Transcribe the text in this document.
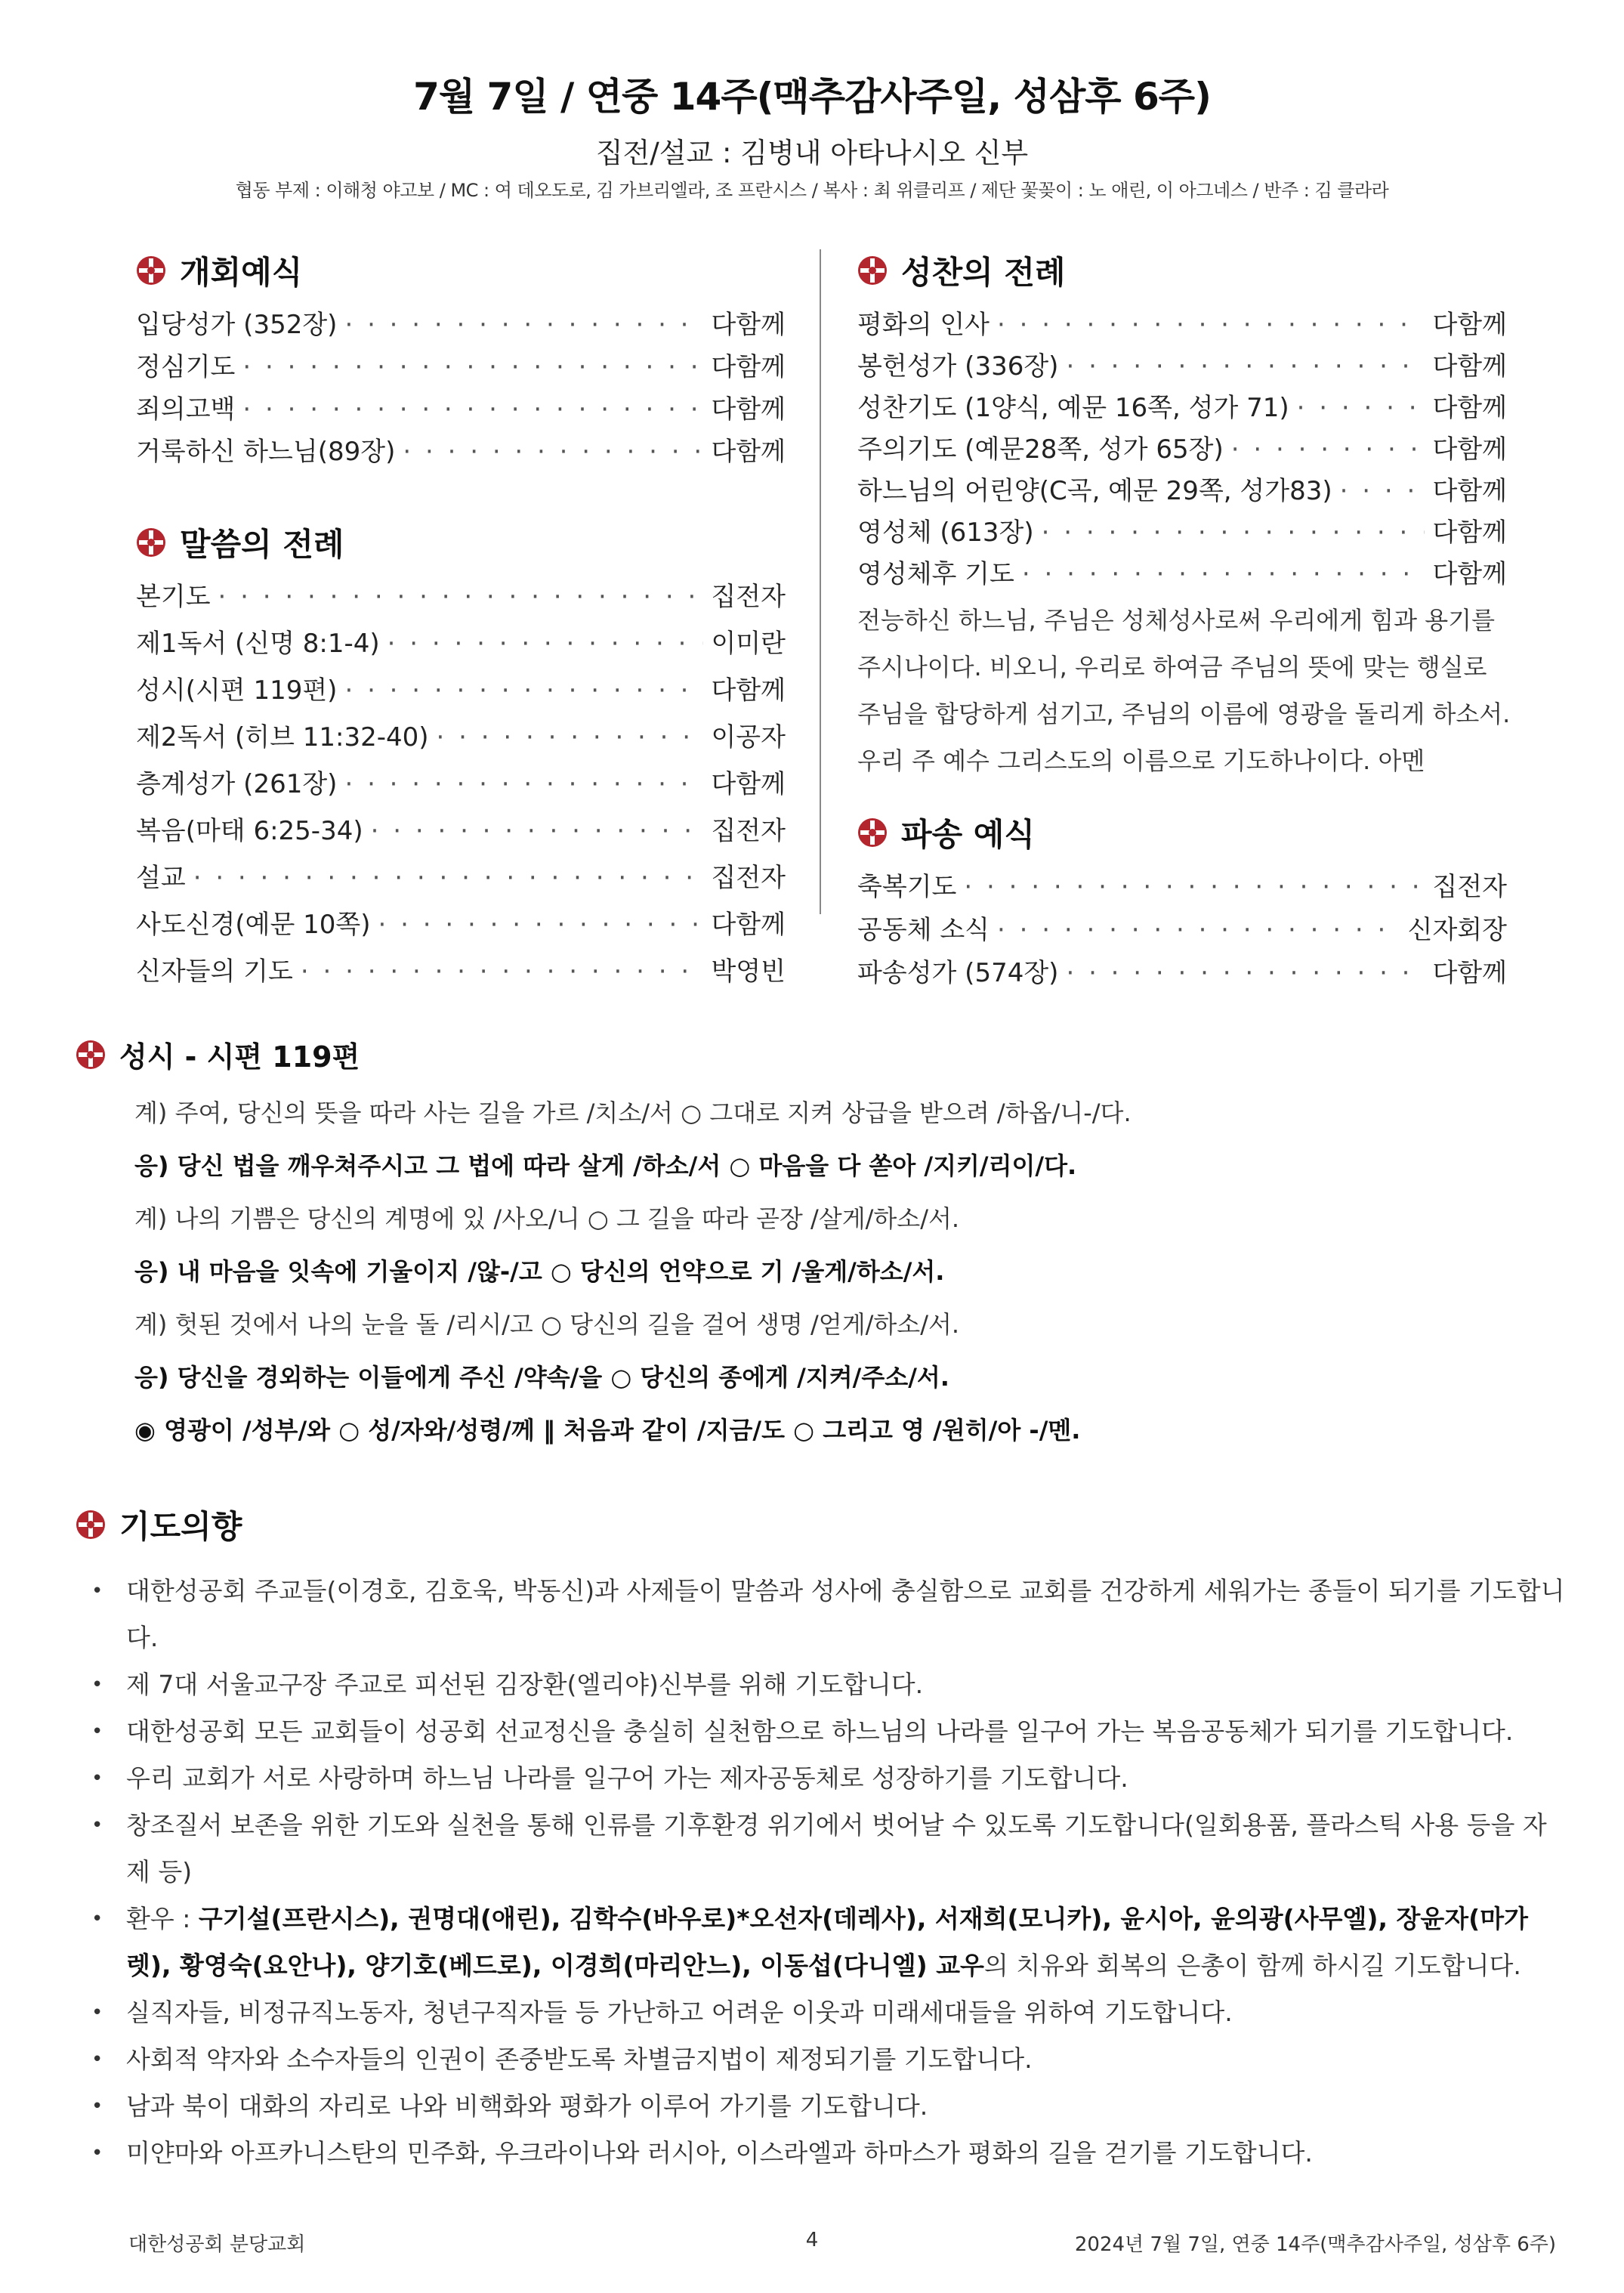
7월 7일 / 연중 14주(맥추감사주일, 성삼후 6주)
집전/설교 : 김병내 아타나시오 신부
협동 부제 : 이해청 야고보 / MC : 여 데오도로, 김 가브리엘라, 조 프란시스 / 복사 : 최 위클리프 / 제단 꽃꽂이 : 노 애린, 이 아그네스 / 반주 : 김 클라라
개회예식
입당성가 (352장) · · ·	다함께
정심기도 · · ·	다함께
죄의고백 · · ·	다함께
거룩하신 하느님(89장) · · ·	다함께
말씀의 전례
본기도 · · ·	집전자
제1독서 (신명 8:1-4) · · ·	이미란
성시(시편 119편) · · ·	다함께
제2독서 (히브 11:32-40) · · ·	이공자
층계성가 (261장) · · ·	다함께
복음(마태 6:25-34) · · ·	집전자
설교 · · ·	집전자
사도신경(예문 10쪽) · · ·	다함께
신자들의 기도 · · ·	박영빈
성찬의 전례
평화의 인사 · · ·	다함께
봉헌성가 (336장) · · ·	다함께
성찬기도 (1양식, 예문 16쪽, 성가 71) · · ·	다함께
주의기도 (예문28쪽, 성가 65장) · · ·	다함께
하느님의 어린양(C곡, 예문 29쪽, 성가83) · · ·	다함께
영성체 (613장) · · ·	다함께
영성체후 기도 · · ·	다함께
전능하신 하느님, 주님은 성체성사로써 우리에게 힘과 용기를 주시나이다. 비오니, 우리로 하여금 주님의 뜻에 맞는 행실로 주님을 합당하게 섬기고, 주님의 이름에 영광을 돌리게 하소서. 우리 주 예수 그리스도의 이름으로 기도하나이다. 아멘
파송 예식
축복기도 · · ·	집전자
공동체 소식 · · ·	신자회장
파송성가 (574장) · · ·	다함께
성시 - 시편 119편
계) 주여, 당신의 뜻을 따라 사는 길을 가르 /치소/서 ○ 그대로 지켜 상급을 받으려 /하옵/니-/다.
응) 당신 법을 깨우쳐주시고 그 법에 따라 살게 /하소/서 ○ 마음을 다 쏟아 /지키/리이/다.
계) 나의 기쁨은 당신의 계명에 있 /사오/니 ○ 그 길을 따라 곧장 /살게/하소/서.
응) 내 마음을 잇속에 기울이지 /않-/고 ○ 당신의 언약으로 기 /울게/하소/서.
계) 헛된 것에서 나의 눈을 돌 /리시/고 ○ 당신의 길을 걸어 생명 /얻게/하소/서.
응) 당신을 경외하는 이들에게 주신 /약속/을 ○ 당신의 종에게 /지켜/주소/서.
◉ 영광이 /성부/와 ○ 성/자와/성령/께 ‖ 처음과 같이 /지금/도 ○ 그리고 영 /원히/아 -/멘.
기도의향
• 대한성공회 주교들(이경호, 김호욱, 박동신)과 사제들이 말씀과 성사에 충실함으로 교회를 건강하게 세워가는 종들이 되기를 기도합니다.
• 제 7대 서울교구장 주교로 피선된 김장환(엘리야)신부를 위해 기도합니다.
• 대한성공회 모든 교회들이 성공회 선교정신을 충실히 실천함으로 하느님의 나라를 일구어 가는 복음공동체가 되기를 기도합니다.
• 우리 교회가 서로 사랑하며 하느님 나라를 일구어 가는 제자공동체로 성장하기를 기도합니다.
• 창조질서 보존을 위한 기도와 실천을 통해 인류를 기후환경 위기에서 벗어날 수 있도록 기도합니다(일회용품, 플라스틱 사용 등을 자제 등)
• 환우 : 구기설(프란시스), 권명대(애린), 김학수(바우로)*오선자(데레사), 서재희(모니카), 윤시아, 윤의광(사무엘), 장윤자(마가렛), 황영숙(요안나), 양기호(베드로), 이경희(마리안느), 이동섭(다니엘) 교우의 치유와 회복의 은총이 함께 하시길 기도합니다.
• 실직자들, 비정규직노동자, 청년구직자들 등 가난하고 어려운 이웃과 미래세대들을 위하여 기도합니다.
• 사회적 약자와 소수자들의 인권이 존중받도록 차별금지법이 제정되기를 기도합니다.
• 남과 북이 대화의 자리로 나와 비핵화와 평화가 이루어 가기를 기도합니다.
• 미얀마와 아프카니스탄의 민주화, 우크라이나와 러시아, 이스라엘과 하마스가 평화의 길을 걷기를 기도합니다.
대한성공회 분당교회	4	2024년 7월 7일, 연중 14주(맥추감사주일, 성삼후 6주)
